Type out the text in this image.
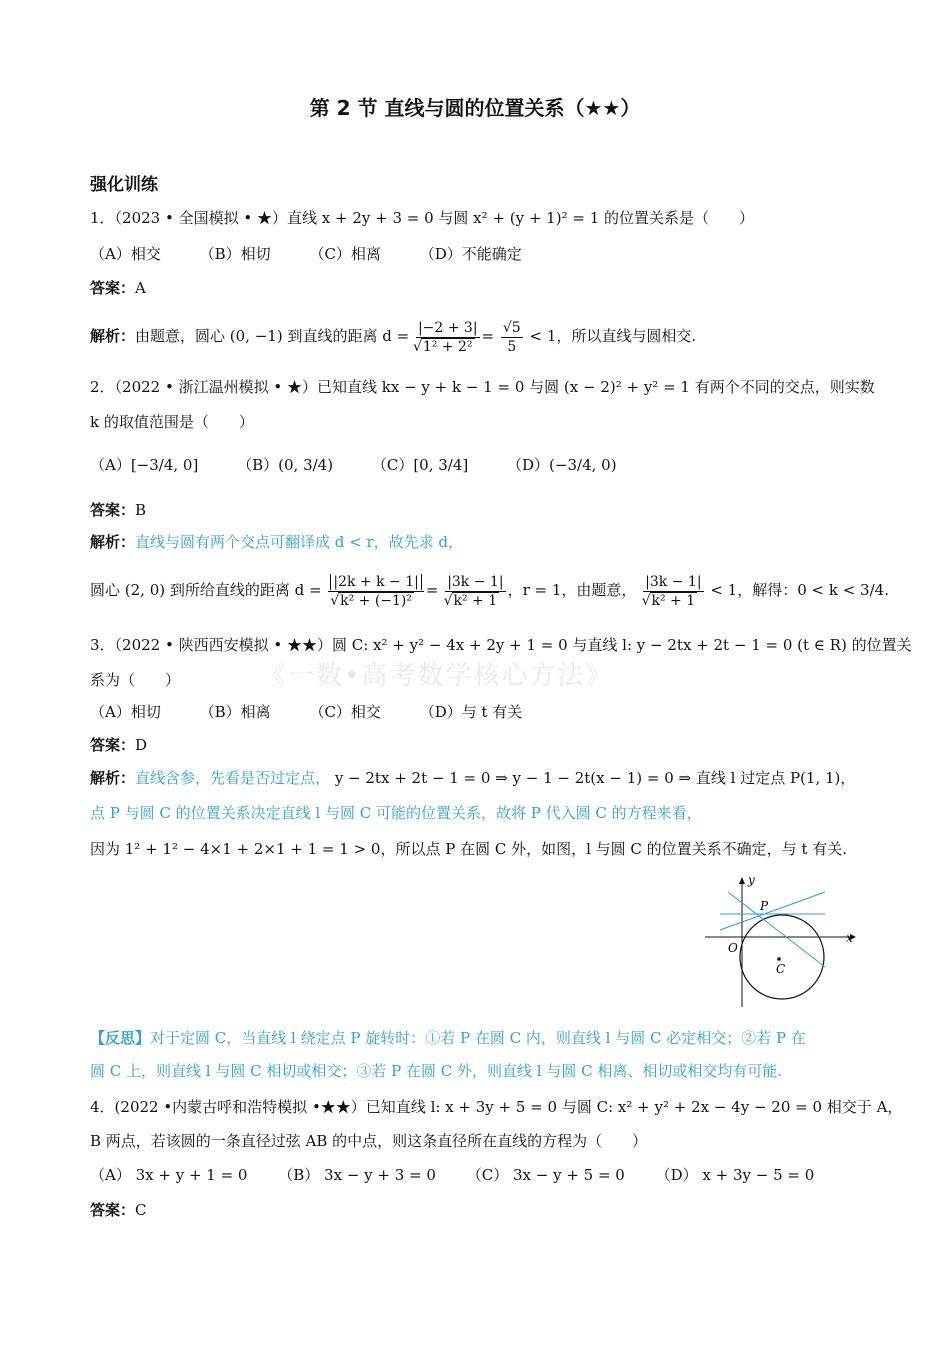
《一数•高考数学核心方法》
第 2 节 直线与圆的位置关系（★★）
强化训练
1．（2023 • 全国模拟 • ★）直线 x + 2y + 3 = 0 与圆 x² + (y + 1)² = 1 的位置关系是（　　）
（A）相交	（B）相切	（C）相离	（D）不能确定
答案：A
解析：由题意，圆心 (0, −1) 到直线的距离 d = |−2 + 3|
√ $1^2 + 2^2 = \frac{√5}{5} < 1$，所以直线与圆相交.
2．（2022 • 浙江温州模拟 • ★）已知直线 kx − y + k − 1 = 0 与圆 (x − 2)² + y² = 1 有两个不同的交点，则实数
k 的取值范围是（　　）
（A）[−3/4, 0]	（B）(0, 3/4)	（C）[0, 3/4]	（D）(−3/4, 0)
答案：B
解析：直线与圆有两个交点可翻译成 d < r，故先求 d，
圆心 (2, 0) 到所给直线的距离 d = |2k + k − 1|
√ k² + (−1)² = |3k − 1|
√ k² + 1 ，r = 1，由题意， |3k − 1|
√ k² + 1 < 1，解得：0 < k < 3/4.
3．（2022 • 陕西西安模拟 • ★★）圆 C: x² + y² − 4x + 2y + 1 = 0 与直线 l: y − 2tx + 2t − 1 = 0 (t ∈ R) 的位置关
系为（　　）
（A）相切	（B）相离	（C）相交	（D）与 t 有关
答案：D
解析：直线含参，先看是否过定点， y − 2tx + 2t − 1 = 0 ⇒ y − 1 − 2t(x − 1) = 0 ⇒ 直线 l 过定点 P(1, 1)，
点 P 与圆 C 的位置关系决定直线 l 与圆 C 可能的位置关系，故将 P 代入圆 C 的方程来看，
因为 1² + 1² − 4×1 + 2×1 + 1 = 1 > 0，所以点 P 在圆 C 外，如图，l 与圆 C 的位置关系不确定，与 t 有关.
y
x
O
P
C
【反思】对于定圆 C，当直线 l 绕定点 P 旋转时：①若 P 在圆 C 内，则直线 l 与圆 C 必定相交；②若 P 在
圆 C 上，则直线 l 与圆 C 相切或相交；③若 P 在圆 C 外，则直线 l 与圆 C 相离、相切或相交均有可能.
4．(2022 •内蒙古呼和浩特模拟 •★★）已知直线 l: x + 3y + 5 = 0 与圆 C: x² + y² + 2x − 4y − 20 = 0 相交于 A，
B 两点，若该圆的一条直径过弦 AB 的中点，则这条直径所在直线的方程为（　　）
（A） 3x + y + 1 = 0 （B） 3x − y + 3 = 0 （C） 3x − y + 5 = 0 （D） x + 3y − 5 = 0
答案：C
